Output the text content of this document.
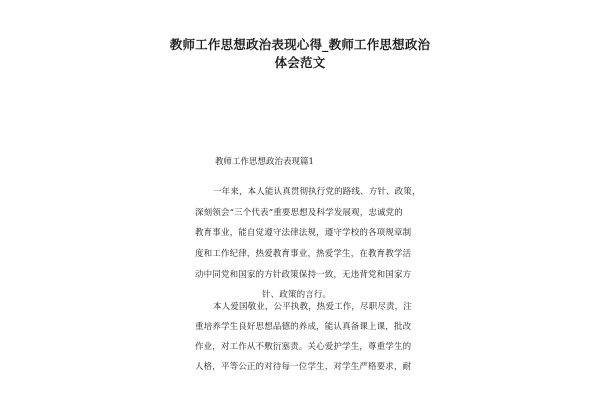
教师工作思想政治表现心得_教师工作思想政治
体会范文
教师工作思想政治表现篇1
一年来，本人能认真贯彻执行党的路线、方针、政策，
深刻领会“三个代表”重要思想及科学发展观，忠诚党的
教育事业，能自觉遵守法律法规，遵守学校的各项规章制
度和工作纪律，热爱教育事业，热爱学生，在教育教学活
动中同党和国家的方针政策保持一致，无违背党和国家方
针、政策的言行。
本人爱国敬业，公平执教，热爱工作，尽职尽责，注
重培养学生良好思想品德的养成，能认真备课上课，批改
作业，对工作从不敷衍塞责。关心爱护学生，尊重学生的
人格，平等公正的对待每一位学生，对学生严格要求，耐
